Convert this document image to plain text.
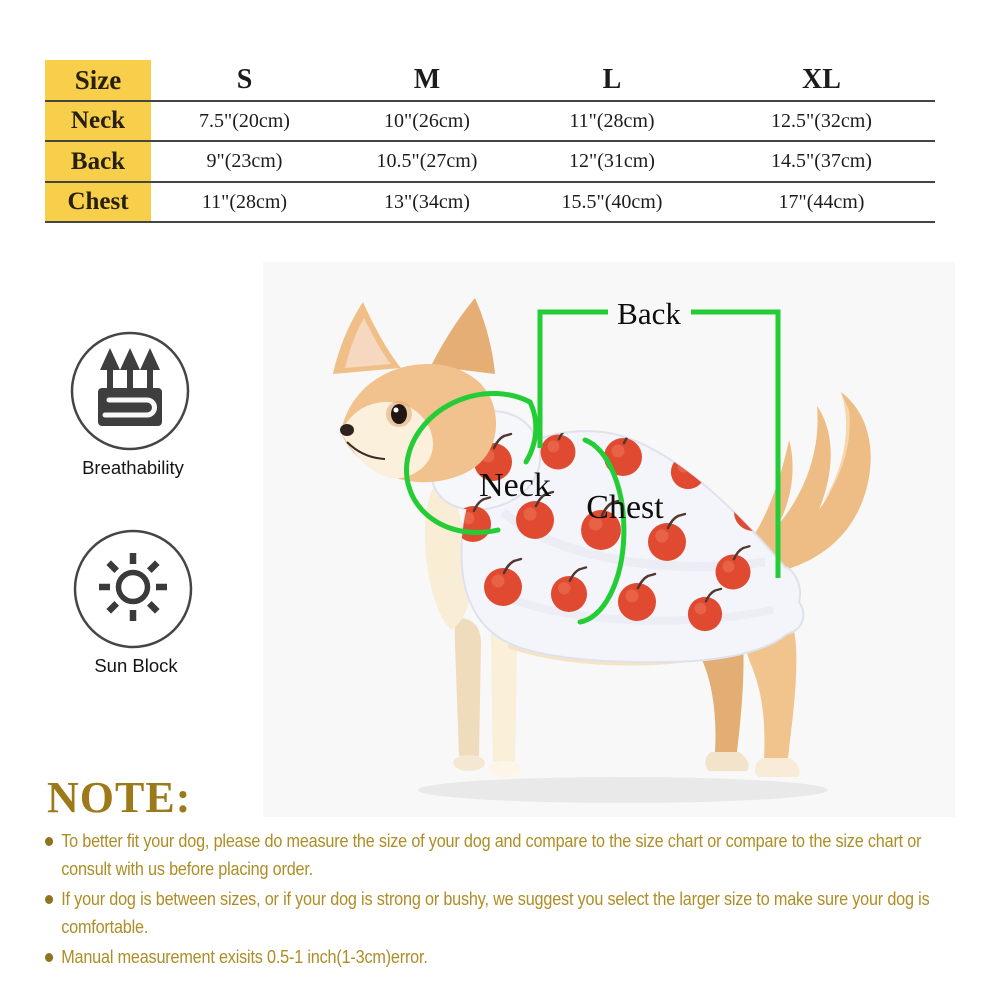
Size	S	M	L	XL
Neck	7.5"(20cm)	10"(26cm)	11"(28cm)	12.5"(32cm)
Back	9"(23cm)	10.5"(27cm)	12"(31cm)	14.5"(37cm)
Chest	11"(28cm)	13"(34cm)	15.5"(40cm)	17"(44cm)
Back
Neck
Chest
Breathability
Sun Block
NOTE:
To better fit your dog, please do measure the size of your dog and compare to the size chart or compare to the size chart or consult with us before placing order.
If your dog is between sizes, or if your dog is strong or bushy, we suggest you select the larger size to make sure your dog is comfortable.
Manual measurement exisits 0.5-1 inch(1-3cm)error.
